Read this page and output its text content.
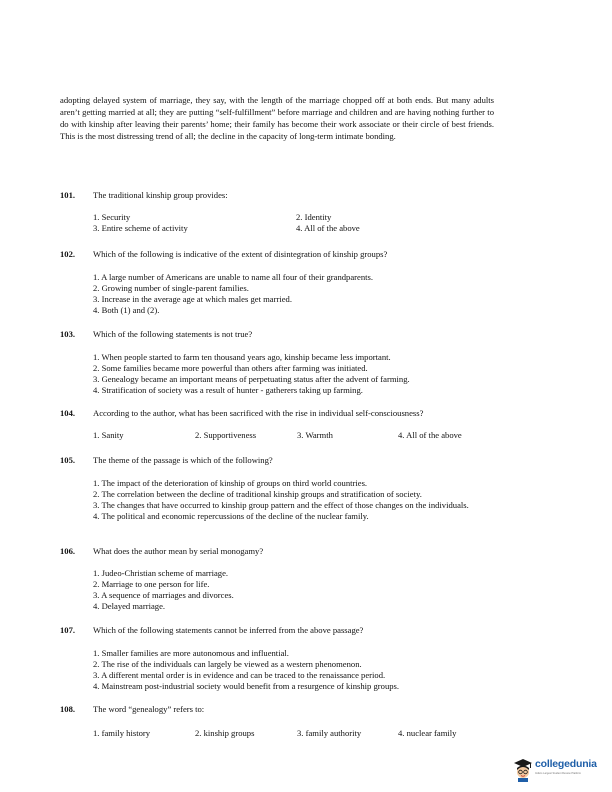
adopting delayed system of marriage, they say, with the length of the marriage chopped off at both ends. But many adults aren’t getting married at all; they are putting “self-fulfillment” before marriage and children and are having nothing further to do with kinship after leaving their parents’ home; their family has become their work associate or their circle of best friends. This is the most distressing trend of all; the decline in the capacity of long-term intimate bonding.

101. The traditional kinship group provides:
1. Security	2. Identity
3. Entire scheme of activity	4. All of the above
102. Which of the following is indicative of the extent of disintegration of kinship groups?
1. A large number of Americans are unable to name all four of their grandparents.
2. Growing number of single-parent families.
3. Increase in the average age at which males get married.
4. Both (1) and (2).
103. Which of the following statements is not true?
1. When people started to farm ten thousand years ago, kinship became less important.
2. Some families became more powerful than others after farming was initiated.
3. Genealogy became an important means of perpetuating status after the advent of farming.
4. Stratification of society was a result of hunter - gatherers taking up farming.
104. According to the author, what has been sacrificed with the rise in individual self-consciousness?
1. Sanity	2. Supportiveness	3. Warmth	4. All of the above
105. The theme of the passage is which of the following?
1. The impact of the deterioration of kinship of groups on third world countries.
2. The correlation between the decline of traditional kinship groups and stratification of society.
3. The changes that have occurred to kinship group pattern and the effect of those changes on the individuals.
4. The political and economic repercussions of the decline of the nuclear family.
106. What does the author mean by serial monogamy?
1. Judeo-Christian scheme of marriage.
2. Marriage to one person for life.
3. A sequence of marriages and divorces.
4. Delayed marriage.
107. Which of the following statements cannot be inferred from the above passage?
1. Smaller families are more autonomous and influential.
2. The rise of the individuals can largely be viewed as a western phenomenon.
3. A different mental order is in evidence and can be traced to the renaissance period.
4. Mainstream post-industrial society would benefit from a resurgence of kinship groups.
108. The word “genealogy” refers to:
1. family history	2. kinship groups	3. family authority	4. nuclear family
collegedunia
India's Largest Student Review Platform
